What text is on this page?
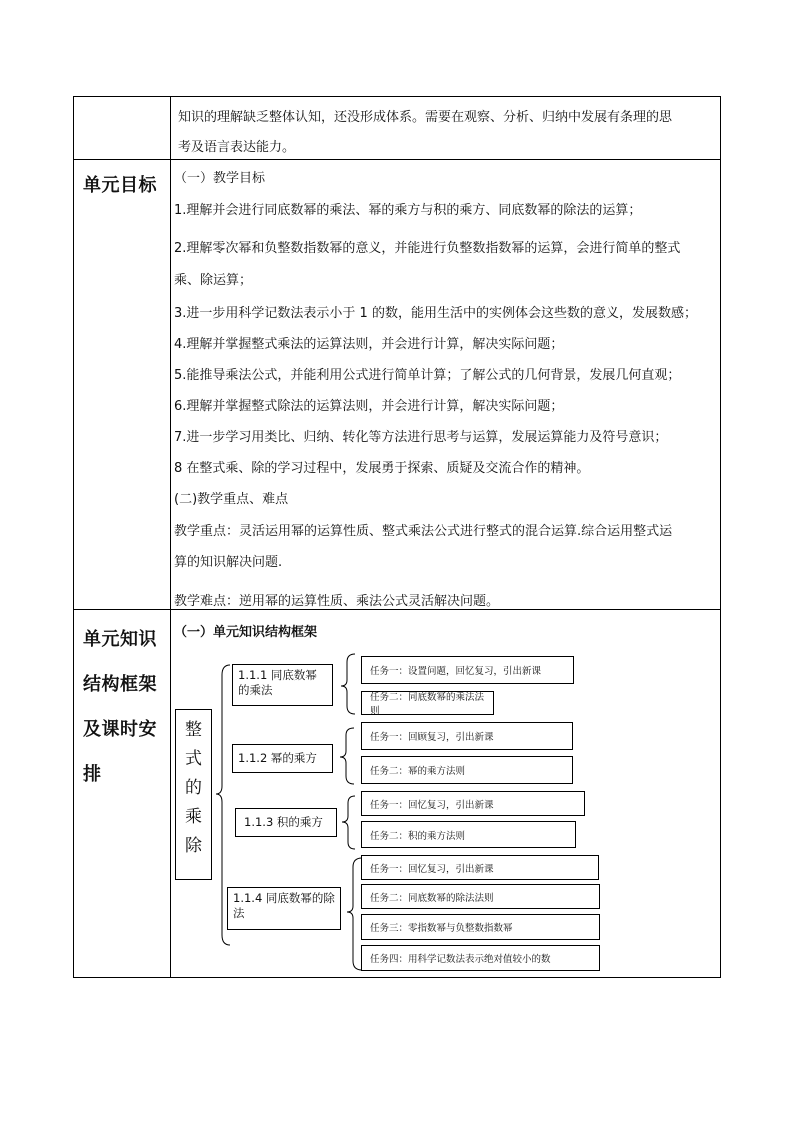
知识的理解缺乏整体认知，还没形成体系。需要在观察、分析、归纳中发展有条理的思
考及语言表达能力。
单元目标
单元知识
结构框架
及课时安
排
（一）教学目标
1.理解并会进行同底数幂的乘法、幂的乘方与积的乘方、同底数幂的除法的运算；
2.理解零次幂和负整数指数幂的意义，并能进行负整数指数幂的运算，会进行简单的整式
乘、除运算；
3.进一步用科学记数法表示小于 1 的数，能用生活中的实例体会这些数的意义，发展数感；
4.理解并掌握整式乘法的运算法则，并会进行计算，解决实际问题；
5.能推导乘法公式，并能利用公式进行简单计算；了解公式的几何背景，发展几何直观；
6.理解并掌握整式除法的运算法则，并会进行计算，解决实际问题；
7.进一步学习用类比、归纳、转化等方法进行思考与运算，发展运算能力及符号意识；
8 在整式乘、除的学习过程中，发展勇于探索、质疑及交流合作的精神。
(二)教学重点、难点
教学重点：灵活运用幂的运算性质、整式乘法公式进行整式的混合运算.综合运用整式运
算的知识解决问题.
教学难点：逆用幂的运算性质、乘法公式灵活解决问题。
（一）单元知识结构框架
整
式
的
乘
除
1.1.1 同底数幂的乘法
1.1.2 幂的乘方
1.1.3 积的乘方
1.1.4 同底数幂的除法
任务一：设置问题，回忆复习，引出新课
任务二：同底数幂的乘法法则
任务一：回顾复习，引出新课
任务二：幂的乘方法则
任务一：回忆复习，引出新课
任务二：积的乘方法则
任务一：回忆复习，引出新课
任务二：同底数幂的除法法则
任务三：零指数幂与负整数指数幂
任务四：用科学记数法表示绝对值较小的数
